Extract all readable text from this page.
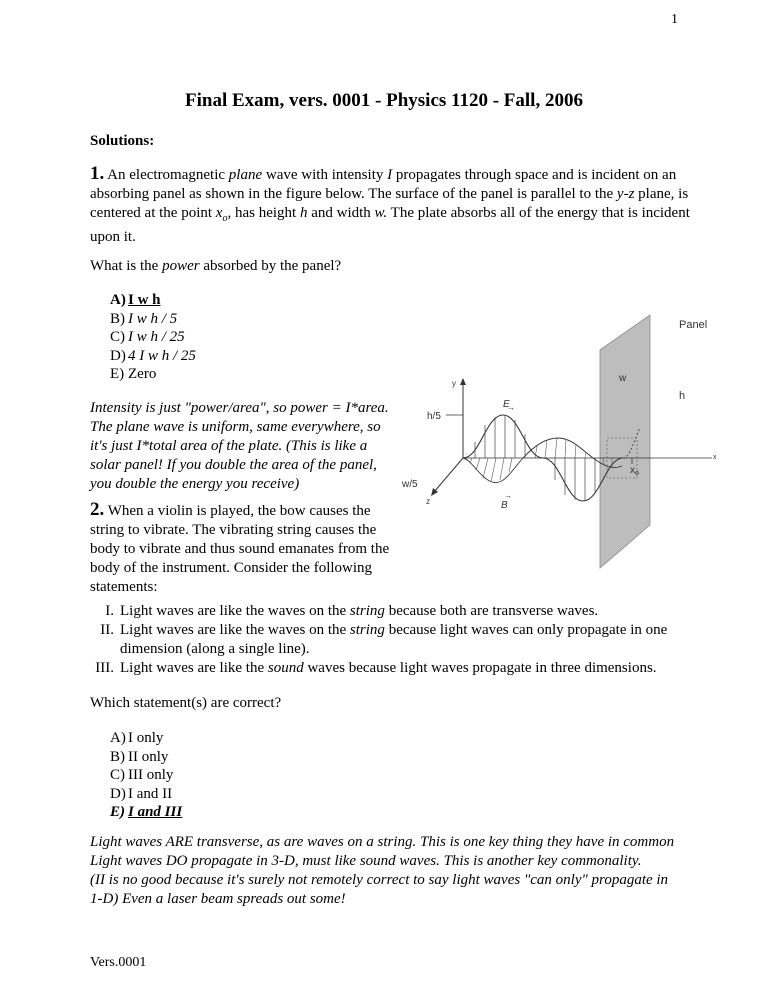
1
Final Exam, vers. 0001 - Physics 1120 - Fall, 2006
Solutions:
1. An electromagnetic plane wave with intensity I propagates through space and is incident on an absorbing panel as shown in the figure below. The surface of the panel is parallel to the y-z plane, is centered at the point $x_o$, has height h and width w. The plate absorbs all of the energy that is incident upon it.
What is the power absorbed by the panel?
A) I w h
B) I w h / 5
C) I w h / 25
D) 4 I w h / 25
E) Zero
Intensity is just "power/area", so power = I*area.
The plane wave is uniform, same everywhere, so
it's just I*total area of the plate. (This is like a
solar panel! If you double the area of the panel,
you double the energy you receive)
Panel
w
h
y
x
z
h/5
w/5
E
→
B
→
$x_o$
2. When a violin is played, the bow causes the
string to vibrate. The vibrating string causes the
body to vibrate and thus sound emanates from the
body of the instrument. Consider the following
statements:
I. Light waves are like the waves on the string because both are transverse waves.
II. Light waves are like the waves on the string because light waves can only propagate in one dimension (along a single line).
III. Light waves are like the sound waves because light waves propagate in three dimensions.
Which statement(s) are correct?
A) I only
B) II only
C) III only
D) I and II
E) I and III
Light waves ARE transverse, as are waves on a string. This is one key thing they have in common
Light waves DO propagate in 3-D, must like sound waves. This is another key commonality.
(II is no good because it's surely not remotely correct to say light waves "can only" propagate in
1-D) Even a laser beam spreads out some!
Vers.0001
